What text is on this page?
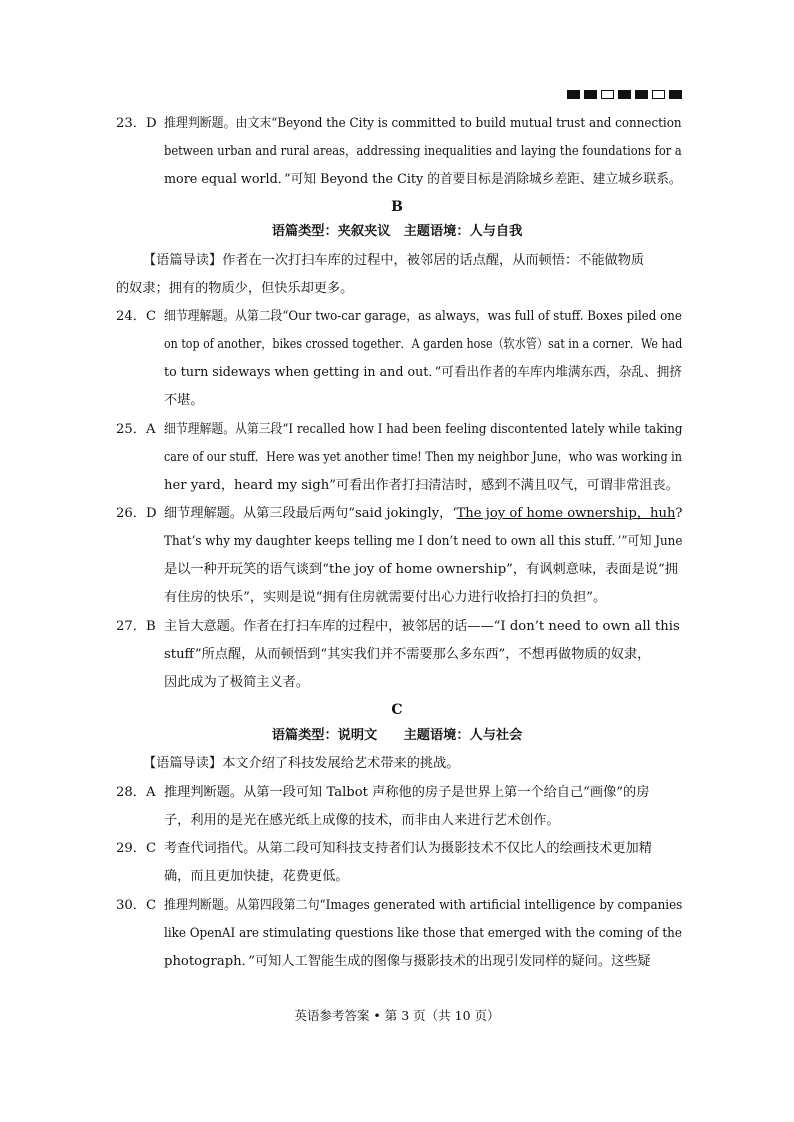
23．D 推理判断题。由文末“Beyond the City is committed to build mutual trust and connection
between urban and rural areas，addressing inequalities and laying the foundations for a
more equal world．”可知 Beyond the City 的首要目标是消除城乡差距、建立城乡联系。
B
语篇类型：夹叙夹议　主题语境：人与自我
【语篇导读】作者在一次打扫车库的过程中，被邻居的话点醒，从而顿悟：不能做物质
的奴隶；拥有的物质少，但快乐却更多。
24．C 细节理解题。从第二段“Our two-car garage，as always，was full of stuff. Boxes piled one
on top of another，bikes crossed together．A garden hose（软水管）sat in a corner．We had
to turn sideways when getting in and out．”可看出作者的车库内堆满东西，杂乱、拥挤
不堪。
25．A 细节理解题。从第三段“I recalled how I had been feeling discontented lately while taking
care of our stuff．Here was yet another time! Then my neighbor June，who was working in
her yard，heard my sigh”可看出作者打扫清洁时，感到不满且叹气，可谓非常沮丧。
26．D 细节理解题。从第三段最后两句“said jokingly，‘The joy of home ownership，huh?
That’s why my daughter keeps telling me I don’t need to own all this stuff．’”可知 June
是以一种开玩笑的语气谈到“the joy of home ownership”，有讽刺意味，表面是说“拥
有住房的快乐”，实则是说“拥有住房就需要付出心力进行收拾打扫的负担”。
27．B 主旨大意题。作者在打扫车库的过程中，被邻居的话——“I don’t need to own all this
stuff”所点醒，从而顿悟到“其实我们并不需要那么多东西”，不想再做物质的奴隶，
因此成为了极简主义者。
C
语篇类型：说明文　　主题语境：人与社会
【语篇导读】本文介绍了科技发展给艺术带来的挑战。
28．A 推理判断题。从第一段可知 Talbot 声称他的房子是世界上第一个给自己“画像”的房
子，利用的是光在感光纸上成像的技术，而非由人来进行艺术创作。
29．C 考查代词指代。从第二段可知科技支持者们认为摄影技术不仅比人的绘画技术更加精
确，而且更加快捷，花费更低。
30．C 推理判断题。从第四段第二句“Images generated with artificial intelligence by companies
like OpenAI are stimulating questions like those that emerged with the coming of the
photograph．”可知人工智能生成的图像与摄影技术的出现引发同样的疑问。这些疑
英语参考答案 • 第 3 页（共 10 页）
